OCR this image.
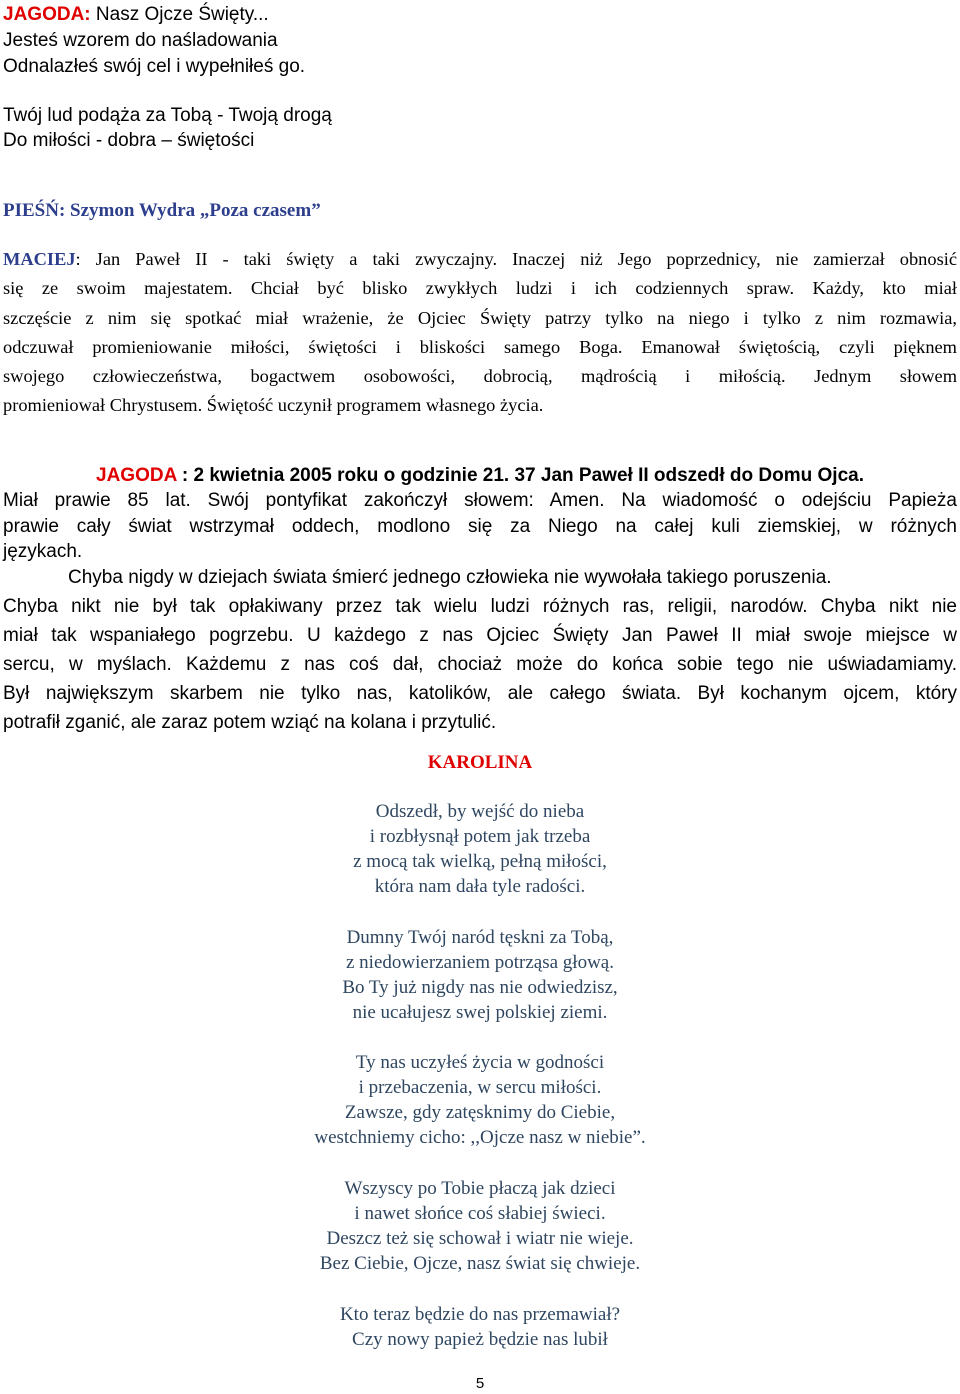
JAGODA: Nasz Ojcze Święty...
Jesteś wzorem do naśladowania
Odnalazłeś swój cel i wypełniłeś go.
Twój lud podąża za Tobą - Twoją drogą
Do miłości - dobra – świętości
PIEŚŃ: Szymon Wydra „Poza czasem”
MACIEJ: Jan Paweł II - taki święty a taki zwyczajny. Inaczej niż Jego poprzednicy, nie zamierzał obnosić
się ze swoim majestatem. Chciał być blisko zwykłych ludzi i ich codziennych spraw. Każdy, kto miał
szczęście z nim się spotkać miał wrażenie, że Ojciec Święty patrzy tylko na niego i tylko z nim rozmawia,
odczuwał promieniowanie miłości, świętości i bliskości samego Boga. Emanował świętością, czyli pięknem
swojego człowieczeństwa, bogactwem osobowości, dobrocią, mądrością i miłością. Jednym słowem
promieniował Chrystusem. Świętość uczynił programem własnego życia.
JAGODA : 2 kwietnia 2005 roku o godzinie 21. 37 Jan Paweł II odszedł do Domu Ojca.
Miał prawie 85 lat. Swój pontyfikat zakończył słowem: Amen. Na wiadomość o odejściu Papieża
prawie cały świat wstrzymał oddech, modlono się za Niego na całej kuli ziemskiej, w różnych
językach.
Chyba nigdy w dziejach świata śmierć jednego człowieka nie wywołała takiego poruszenia.
Chyba nikt nie był tak opłakiwany przez tak wielu ludzi różnych ras, religii, narodów. Chyba nikt nie
miał tak wspaniałego pogrzebu. U każdego z nas Ojciec Święty Jan Paweł II miał swoje miejsce w
sercu, w myślach. Każdemu z nas coś dał, chociaż może do końca sobie tego nie uświadamiamy.
Był największym skarbem nie tylko nas, katolików, ale całego świata. Był kochanym ojcem, który
potrafił zganić, ale zaraz potem wziąć na kolana i przytulić.
KAROLINA
Odszedł, by wejść do nieba
i rozbłysnął potem jak trzeba
z mocą tak wielką, pełną miłości,
która nam dała tyle radości.
Dumny Twój naród tęskni za Tobą,
z niedowierzaniem potrząsa głową.
Bo Ty już nigdy nas nie odwiedzisz,
nie ucałujesz swej polskiej ziemi.
Ty nas uczyłeś życia w godności
i przebaczenia, w sercu miłości.
Zawsze, gdy zatęsknimy do Ciebie,
westchniemy cicho: ,,Ojcze nasz w niebie”.
Wszyscy po Tobie płaczą jak dzieci
i nawet słońce coś słabiej świeci.
Deszcz też się schował i wiatr nie wieje.
Bez Ciebie, Ojcze, nasz świat się chwieje.
Kto teraz będzie do nas przemawiał?
Czy nowy papież będzie nas lubił
5
